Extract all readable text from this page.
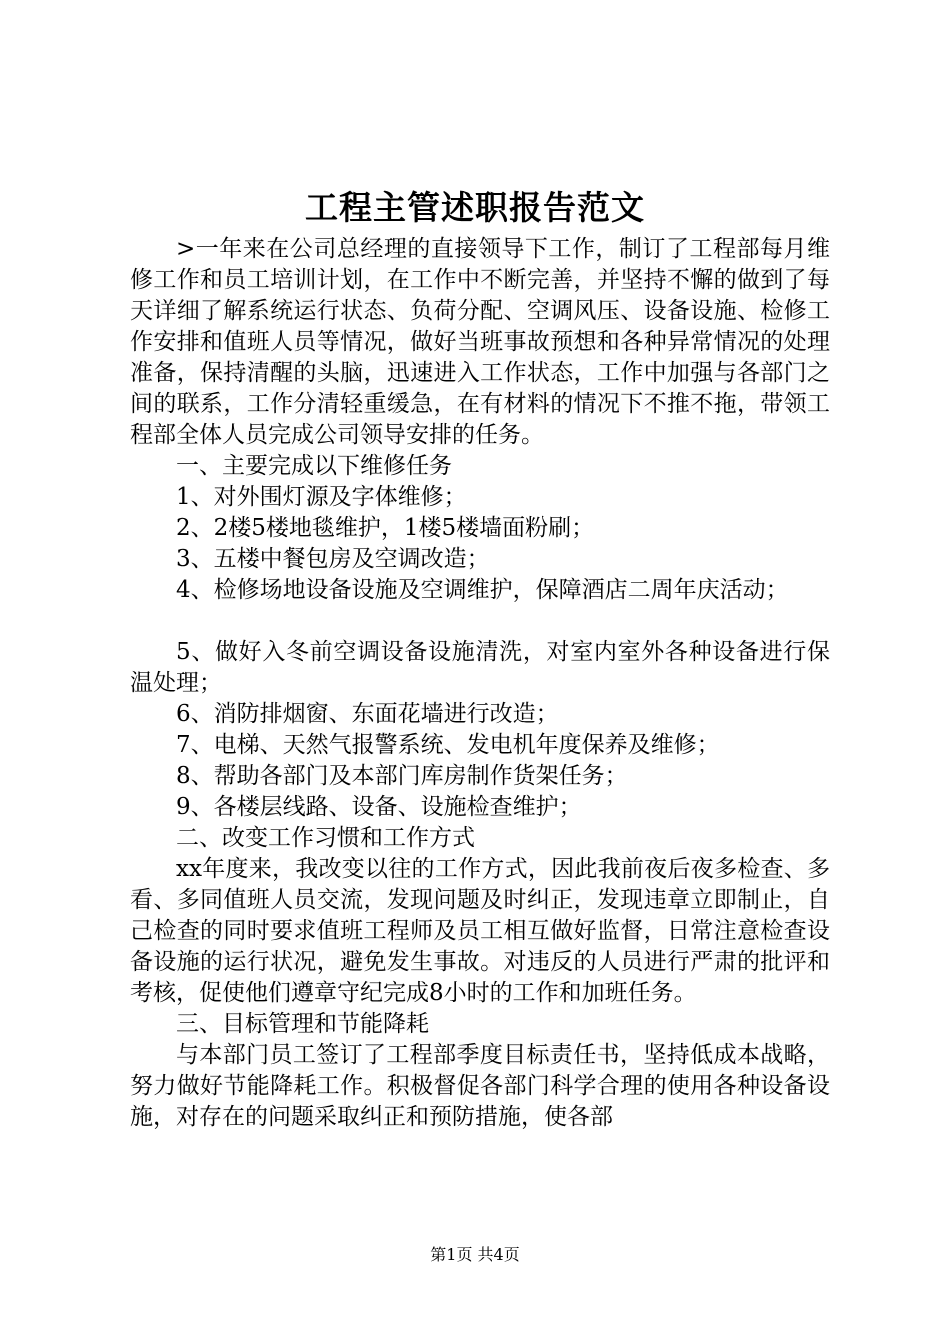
工程主管述职报告范文

>一年来在公司总经理的直接领导下工作，制订了工程部每月维修工作和员工培训计划，在工作中不断完善，并坚持不懈的做到了每天详细了解系统运行状态、负荷分配、空调风压、设备设施、检修工作安排和值班人员等情况，做好当班事故预想和各种异常情况的处理准备，保持清醒的头脑，迅速进入工作状态，工作中加强与各部门之间的联系，工作分清轻重缓急，在有材料的情况下不推不拖，带领工程部全体人员完成公司领导安排的任务。

一、主要完成以下维修任务

1、对外围灯源及字体维修；

2、2楼5楼地毯维护，1楼5楼墙面粉刷；

3、五楼中餐包房及空调改造；

4、检修场地设备设施及空调维护，保障酒店二周年庆活动；

5、做好入冬前空调设备设施清洗，对室内室外各种设备进行保温处理；

6、消防排烟窗、东面花墙进行改造；

7、电梯、天然气报警系统、发电机年度保养及维修；

8、帮助各部门及本部门库房制作货架任务；

9、各楼层线路、设备、设施检查维护；

二、改变工作习惯和工作方式

xx年度来，我改变以往的工作方式，因此我前夜后夜多检查、多看、多同值班人员交流，发现问题及时纠正，发现违章立即制止，自己检查的同时要求值班工程师及员工相互做好监督，日常注意检查设备设施的运行状况，避免发生事故。对违反的人员进行严肃的批评和考核，促使他们遵章守纪完成8小时的工作和加班任务。

三、目标管理和节能降耗

与本部门员工签订了工程部季度目标责任书，坚持低成本战略，努力做好节能降耗工作。积极督促各部门科学合理的使用各种设备设施，对存在的问题采取纠正和预防措施，使各部

第1页 共4页
